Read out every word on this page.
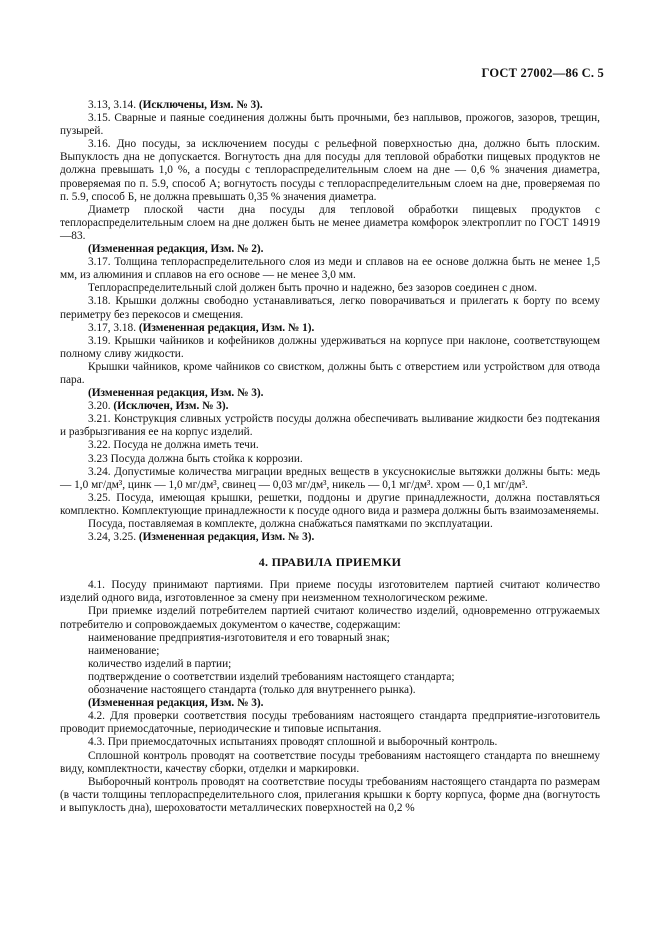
ГОСТ 27002—86 С. 5

3.13, 3.14. (Исключены, Изм. № 3).

3.15. Сварные и паяные соединения должны быть прочными, без наплывов, прожогов, зазоров, трещин, пузырей.

3.16. Дно посуды, за исключением посуды с рельефной поверхностью дна, должно быть плоским. Выпуклость дна не допускается. Вогнутость дна для посуды для тепловой обработки пищевых продуктов не должна превышать 1,0 %, а посуды с теплораспределительным слоем на дне — 0,6 % значения диаметра, проверяемая по п. 5.9, способ А; вогнутость посуды с теплораспределительным слоем на дне, проверяемая по п. 5.9, способ Б, не должна превышать 0,35 % значения диаметра.

Диаметр плоской части дна посуды для тепловой обработки пищевых продуктов с теплораспределительным слоем на дне должен быть не менее диаметра комфорок электроплит по ГОСТ 14919—83.

(Измененная редакция, Изм. № 2).

3.17. Толщина теплораспределительного слоя из меди и сплавов на ее основе должна быть не менее 1,5 мм, из алюминия и сплавов на его основе — не менее 3,0 мм.

Теплораспределительный слой должен быть прочно и надежно, без зазоров соединен с дном.

3.18. Крышки должны свободно устанавливаться, легко поворачиваться и прилегать к борту по всему периметру без перекосов и смещения.

3.17, 3.18. (Измененная редакция, Изм. № 1).

3.19. Крышки чайников и кофейников должны удерживаться на корпусе при наклоне, соответствующем полному сливу жидкости.

Крышки чайников, кроме чайников со свистком, должны быть с отверстием или устройством для отвода пара.

(Измененная редакция, Изм. № 3).

3.20. (Исключен, Изм. № 3).

3.21. Конструкция сливных устройств посуды должна обеспечивать выливание жидкости без подтекания и разбрызгивания ее на корпус изделий.

3.22. Посуда не должна иметь течи.

3.23 Посуда должна быть стойка к коррозии.

3.24. Допустимые количества миграции вредных веществ в уксуснокислые вытяжки должны быть: медь — 1,0 мг/дм³, цинк — 1,0 мг/дм³, свинец — 0,03 мг/дм³, никель — 0,1 мг/дм³. хром — 0,1 мг/дм³.

3.25. Посуда, имеющая крышки, решетки, поддоны и другие принадлежности, должна поставляться комплектно. Комплектующие принадлежности к посуде одного вида и размера должны быть взаимозаменяемы.

Посуда, поставляемая в комплекте, должна снабжаться памятками по эксплуатации.

3.24, 3.25. (Измененная редакция, Изм. № 3).

4. ПРАВИЛА ПРИЕМКИ

4.1. Посуду принимают партиями. При приеме посуды изготовителем партией считают количество изделий одного вида, изготовленное за смену при неизменном технологическом режиме.

При приемке изделий потребителем партией считают количество изделий, одновременно отгружаемых потребителю и сопровождаемых документом о качестве, содержащим:

наименование предприятия-изготовителя и его товарный знак;

наименование;

количество изделий в партии;

подтверждение о соответствии изделий требованиям настоящего стандарта;

обозначение настоящего стандарта (только для внутреннего рынка).

(Измененная редакция, Изм. № 3).

4.2. Для проверки соответствия посуды требованиям настоящего стандарта предприятие-изготовитель проводит приемосдаточные, периодические и типовые испытания.

4.3. При приемосдаточных испытаниях проводят сплошной и выборочный контроль.

Сплошной контроль проводят на соответствие посуды требованиям настоящего стандарта по внешнему виду, комплектности, качеству сборки, отделки и маркировки.

Выборочный контроль проводят на соответствие посуды требованиям настоящего стандарта по размерам (в части толщины теплораспределительного слоя, прилегания крышки к борту корпуса, форме дна (вогнутость и выпуклость дна), шероховатости металлических поверхностей на 0,2 %
